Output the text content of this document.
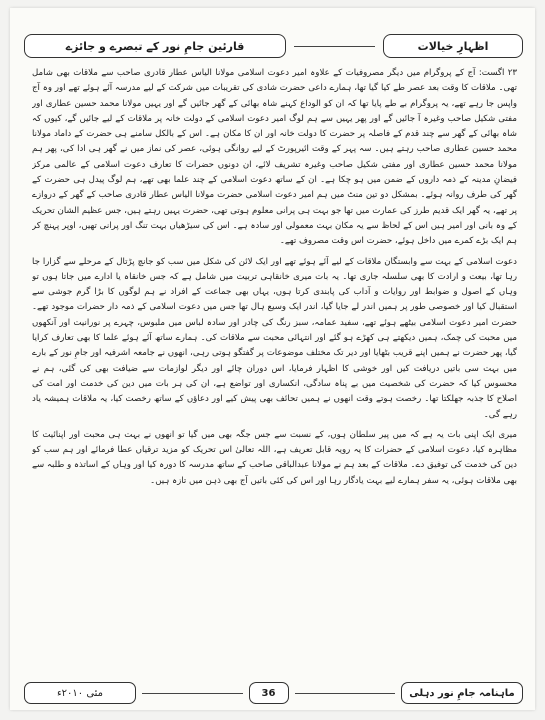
قارئین جامِ نور کے تبصرے و جائزے	اظہارِ خیالات

۲۳ اگست: آج کے پروگرام میں دیگر مصروفیات کے علاوہ امیر دعوت اسلامی مولانا الیاس عطار قادری صاحب سے ملاقات بھی شامل تھی۔ ملاقات کا وقت بعد عصر طے کیا گیا تھا، ہمارے داعی حضرت شادی کی تقریبات میں شرکت کے لیے مدرسہ آئے ہوئے تھے اور وہ آج واپس جا رہے تھے، یہ پروگرام بے طے پایا تھا کہ ان کو الوداع کہنے شاہ بھائی کے گھر جائیں گے اور یہیں مولانا محمد حسین عطاری اور مفتی شکیل صاحب وغیرہ آ جائیں گے اور پھر یہیں سے ہم لوگ امیر دعوت اسلامی کے دولت خانہ پر ملاقات کے لیے جائیں گے، کیوں کہ شاہ بھائی کے گھر سے چند قدم کے فاصلہ پر حضرت کا دولت خانہ اور ان کا مکان ہے۔ اس کے بالکل سامنے ہی حضرت کے داماد مولانا محمد حسین عطاری صاحب رہتے ہیں۔ سہ پہر کے وقت ائیرپورٹ کے لیے روانگی ہوئی، عصر کی نماز میں نے گھر ہی ادا کی، پھر ہم مولانا محمد حسین عطاری اور مفتی شکیل صاحب وغیرہ تشریف لائے، ان دونوں حضرات کا تعارف دعوت اسلامی کے عالمی مرکز فیضانِ مدینہ کے ذمہ داروں کے ضمن میں ہو چکا ہے۔ ان کے ساتھ دعوت اسلامی کے چند علما بھی تھے، ہم لوگ پیدل ہی حضرت کے گھر کی طرف روانہ ہوئے۔ بمشکل دو تین منٹ میں ہم امیر دعوت اسلامی حضرت مولانا الیاس عطار قادری صاحب کے گھر کے دروازے پر تھے، یہ گھر ایک قدیم طرز کی عمارت میں تھا جو بہت ہی پرانی معلوم ہوتی تھی، حضرت یہیں رہتے ہیں، جس عظیم الشان تحریک کے وہ بانی اور امیر ہیں اس کے لحاظ سے یہ مکان بہت معمولی اور سادہ ہے۔ اس کی سیڑھیاں بہت تنگ اور پرانی تھیں، اوپر پہنچ کر ہم ایک بڑے کمرے میں داخل ہوئے، حضرت اس وقت مصروف تھے۔

دعوت اسلامی کے بہت سے وابستگان ملاقات کے لیے آئے ہوئے تھے اور ایک لائن کی شکل میں سب کو جانچ پڑتال کے مرحلے سے گزارا جا رہا تھا، بیعت و ارادت کا بھی سلسلہ جاری تھا۔ یہ بات میری خانقاہی تربیت میں شامل ہے کہ جس خانقاہ یا ادارے میں جاتا ہوں تو وہاں کے اصول و ضوابط اور روایات و آداب کی پابندی کرتا ہوں، یہاں بھی جماعت کے افراد نے ہم لوگوں کا بڑا گرم جوشی سے استقبال کیا اور خصوصی طور پر ہمیں اندر لے جایا گیا، اندر ایک وسیع ہال تھا جس میں دعوت اسلامی کے ذمہ دار حضرات موجود تھے۔ حضرت امیر دعوت اسلامی بیٹھے ہوئے تھے، سفید عمامہ، سبز رنگ کی چادر اور سادہ لباس میں ملبوس، چہرے پر نورانیت اور آنکھوں میں محبت کی چمک، ہمیں دیکھتے ہی کھڑے ہو گئے اور انتہائی محبت سے ملاقات کی۔ ہمارے ساتھ آئے ہوئے علما کا بھی تعارف کرایا گیا، پھر حضرت نے ہمیں اپنے قریب بٹھایا اور دیر تک مختلف موضوعات پر گفتگو ہوتی رہی، انھوں نے جامعہ اشرفیہ اور جامِ نور کے بارے میں بہت سی باتیں دریافت کیں اور خوشی کا اظہار فرمایا، اس دوران چائے اور دیگر لوازمات سے ضیافت بھی کی گئی، ہم نے محسوس کیا کہ حضرت کی شخصیت میں بے پناہ سادگی، انکساری اور تواضع ہے، ان کی ہر بات میں دین کی خدمت اور امت کی اصلاح کا جذبہ جھلکتا تھا۔ رخصت ہوتے وقت انھوں نے ہمیں تحائف بھی پیش کیے اور دعاؤں کے ساتھ رخصت کیا، یہ ملاقات ہمیشہ یاد رہے گی۔

میری ایک اپنی بات یہ ہے کہ میں پیر سلطان ہوں، کے نسبت سے جس جگہ بھی میں گیا تو انھوں نے بہت ہی محبت اور اپنائیت کا مظاہرہ کیا، دعوت اسلامی کے حضرات کا یہ رویہ قابل تعریف ہے، اللہ تعالیٰ اس تحریک کو مزید ترقیاں عطا فرمائے اور ہم سب کو دین کی خدمت کی توفیق دے۔ ملاقات کے بعد ہم نے مولانا عبدالباقی صاحب کے ساتھ مدرسہ کا دورہ کیا اور وہاں کے اساتذہ و طلبہ سے بھی ملاقات ہوئی، یہ سفر ہمارے لیے بہت یادگار رہا اور اس کی کئی باتیں آج بھی ذہن میں تازہ ہیں۔

مئی ۲۰۱۰ء	36	ماہنامہ جامِ نور دہلی
